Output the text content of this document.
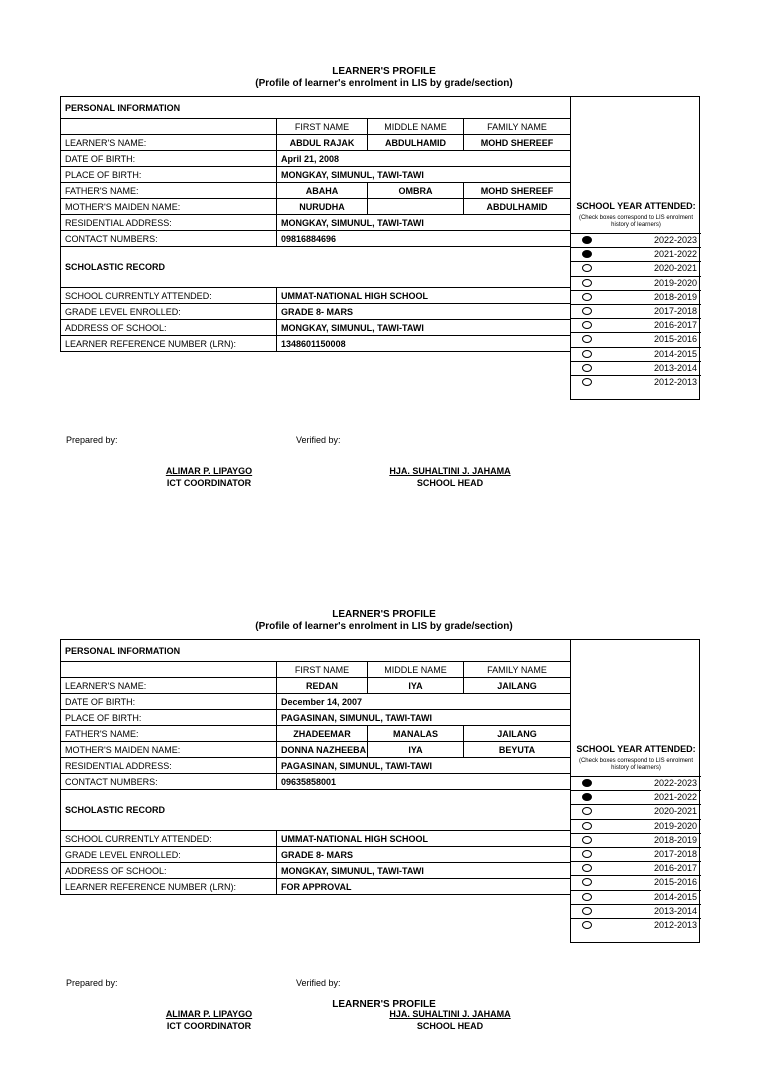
LEARNER'S PROFILE
(Profile of learner's enrolment in LIS by grade/section)
PERSONAL INFORMATION			
	FIRST NAME	MIDDLE NAME	FAMILY NAME
LEARNER'S NAME:	ABDUL RAJAK	ABDULHAMID	MOHD SHEREEF
DATE OF BIRTH:	April 21, 2008		
PLACE OF BIRTH:	MONGKAY, SIMUNUL, TAWI-TAWI		
FATHER'S NAME:	ABAHA	OMBRA	MOHD SHEREEF
MOTHER'S MAIDEN NAME:	NURUDHA		ABDULHAMID
RESIDENTIAL ADDRESS:	MONGKAY, SIMUNUL, TAWI-TAWI		
CONTACT NUMBERS:	09816884696		
SCHOLASTIC RECORD			
SCHOOL CURRENTLY ATTENDED:	UMMAT-NATIONAL HIGH SCHOOL		
GRADE LEVEL ENROLLED:	GRADE 8- MARS		
ADDRESS OF SCHOOL:	MONGKAY, SIMUNUL, TAWI-TAWI		
LEARNER REFERENCE NUMBER (LRN):	134860115000​8		
SCHOOL YEAR ATTENDED:
(Check boxes correspond to LIS enrolment history of learners)
2022-2023
2021-2022
2020-2021
2019-2020
2018-2019
2017-2018
2016-2017
2015-2016
2014-2015
2013-2014
2012-2013
Prepared by:	Verified by:
ALIMAR P. LIPAYGO
ICT COORDINATOR
HJA. SUHALTINI J. JAHAMA
SCHOOL HEAD
LEARNER'S PROFILE
(Profile of learner's enrolment in LIS by grade/section)
PERSONAL INFORMATION			
	FIRST NAME	MIDDLE NAME	FAMILY NAME
LEARNER'S NAME:	REDAN	IYA	JAILANG
DATE OF BIRTH:	December 14, 2007		
PLACE OF BIRTH:	PAGASINAN, SIMUNUL, TAWI-TAWI		
FATHER'S NAME:	ZHADEEMAR	MANALAS	JAILANG
MOTHER'S MAIDEN NAME:	DONNA NAZHEEBA	IYA	BEYUTA
RESIDENTIAL ADDRESS:	PAGASINAN, SIMUNUL, TAWI-TAWI		
CONTACT NUMBERS:	09635858001		
SCHOLASTIC RECORD			
SCHOOL CURRENTLY ATTENDED:	UMMAT-NATIONAL HIGH SCHOOL		
GRADE LEVEL ENROLLED:	GRADE 8- MARS		
ADDRESS OF SCHOOL:	MONGKAY, SIMUNUL, TAWI-TAWI		
LEARNER REFERENCE NUMBER (LRN):	FOR APPROVAL		
SCHOOL YEAR ATTENDED:
(Check boxes correspond to LIS enrolment history of learners)
2022-2023
2021-2022
2020-2021
2019-2020
2018-2019
2017-2018
2016-2017
2015-2016
2014-2015
2013-2014
2012-2013
Prepared by:	Verified by:
ALIMAR P. LIPAYGO
ICT COORDINATOR
HJA. SUHALTINI J. JAHAMA
SCHOOL HEAD
LEARNER'S PROFILE
